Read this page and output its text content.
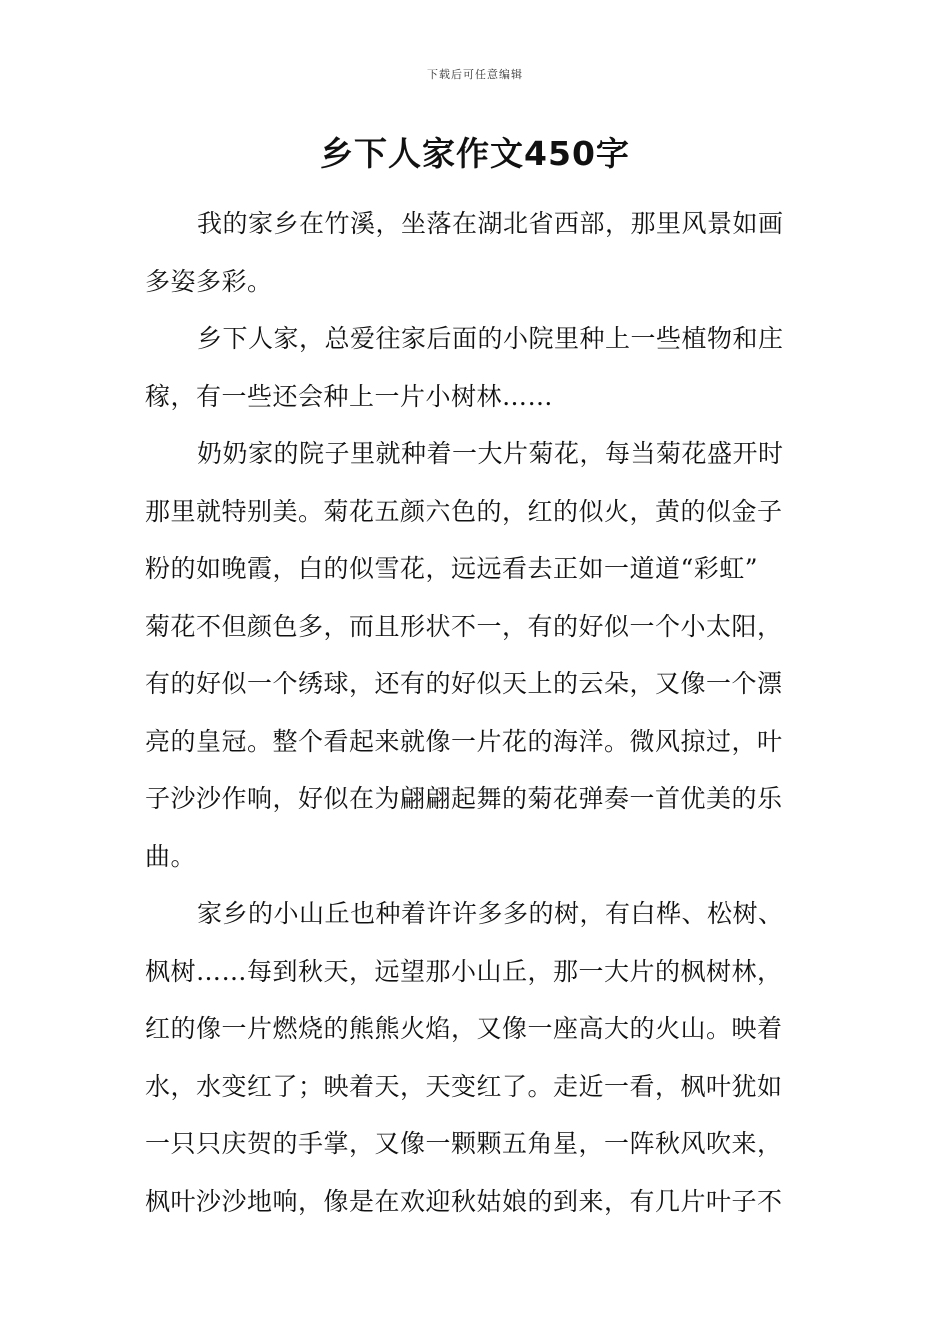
下载后可任意编辑
乡下人家作文450字
我的家乡在竹溪，坐落在湖北省西部，那里风景如画
多姿多彩。
乡下人家，总爱往家后面的小院里种上一些植物和庄
稼，有一些还会种上一片小树林……
奶奶家的院子里就种着一大片菊花，每当菊花盛开时
那里就特别美。菊花五颜六色的，红的似火，黄的似金子
粉的如晚霞，白的似雪花，远远看去正如一道道“彩虹”
菊花不但颜色多，而且形状不一，有的好似一个小太阳，
有的好似一个绣球，还有的好似天上的云朵，又像一个漂
亮的皇冠。整个看起来就像一片花的海洋。微风掠过，叶
子沙沙作响，好似在为翩翩起舞的菊花弹奏一首优美的乐
曲。
家乡的小山丘也种着许许多多的树，有白桦、松树、
枫树……每到秋天，远望那小山丘，那一大片的枫树林，
红的像一片燃烧的熊熊火焰，又像一座高大的火山。映着
水，水变红了；映着天，天变红了。走近一看，枫叶犹如
一只只庆贺的手掌，又像一颗颗五角星，一阵秋风吹来，
枫叶沙沙地响，像是在欢迎秋姑娘的到来，有几片叶子不
